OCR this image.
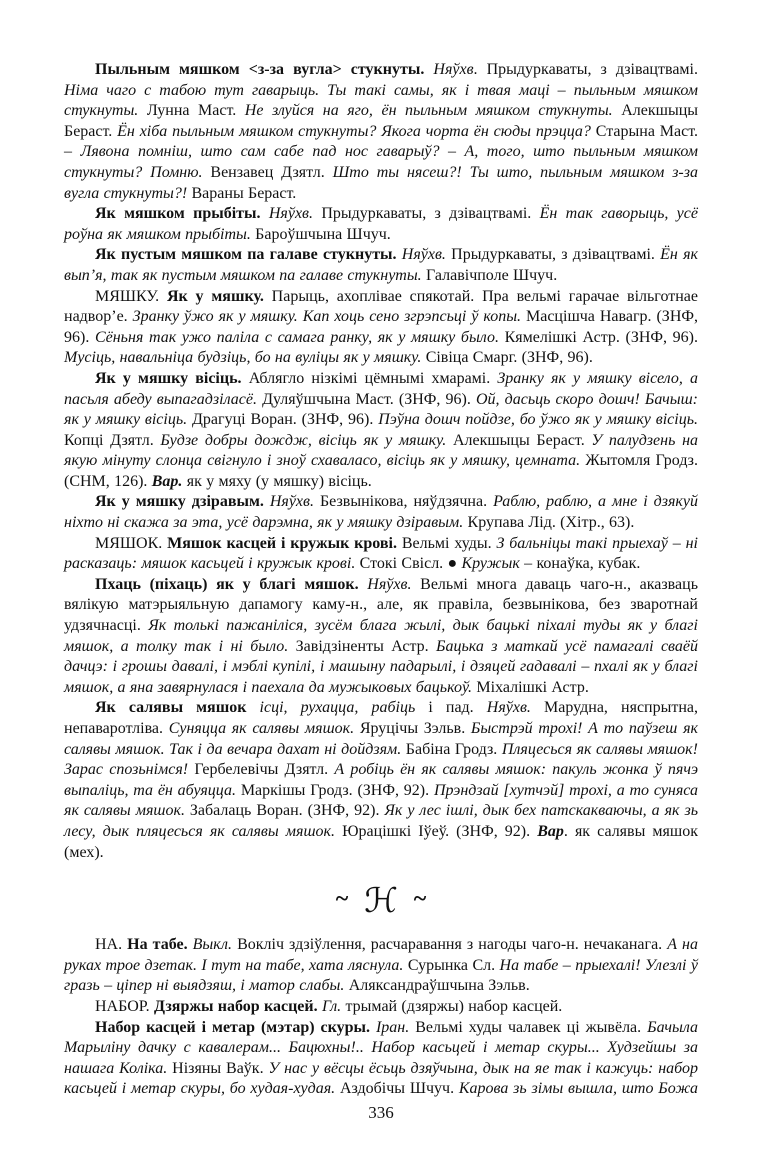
Пыльным мяшком <з-за вугла> стукнуты. Няўхв. Прыдуркаваты, з дзівацтвамі. Німа чаго с табою тут гаварыць. Ты такі самы, як і твая маці – пыльным мяшком стукнуты. Лунна Маст. Не злуйся на яго, ён пыльным мяшком стукнуты. Алекшыцы Бераст. Ён хіба пыльным мяшком стукнуты? Якога чорта ён сюды прэцца? Старына Маст. – Лявона помніш, што сам сабе пад нос гаварыў? – А, того, што пыльным мяшком стукнуты? Помню. Вензавец Дзятл. Што ты нясеш?! Ты што, пыльным мяшком з-за вугла стукнуты?! Вараны Бераст.

Як мяшком прыбіты. Няўхв. Прыдуркаваты, з дзівацтвамі. Ён так гаворыць, усё роўна як мяшком прыбіты. Бароўшчына Шчуч.

Як пустым мяшком па галаве стукнуты. Няўхв. Прыдуркаваты, з дзівацтвамі. Ён як вып’я, так як пустым мяшком па галаве стукнуты. Галавічполе Шчуч.

МЯШКУ. Як у мяшку. Парыць, ахоплівае спякотай. Пра вельмі гарачае вільготнае надвор’е. Зранку ўжо як у мяшку. Кап хоць сено згрэпсьці ў копы. Масцішча Навагр. (ЗНФ, 96). Сёньня так ужо паліла с самага ранку, як у мяшку было. Кямелішкі Астр. (ЗНФ, 96). Мусіць, навальніца будзіць, бо на вуліцы як у мяшку. Сівіца Смарг. (ЗНФ, 96).

Як у мяшку вісіць. Аблягло нізкімі цёмнымі хмарамі. Зранку як у мяшку вісело, а пасьля абеду выпагадзіласё. Дуляўшчына Маст. (ЗНФ, 96). Ой, дасьць скоро дошч! Бачыш: як у мяшку вісіць. Драгуці Воран. (ЗНФ, 96). Пэўна дошч пойдзе, бо ўжо як у мяшку вісіць. Копці Дзятл. Будзе добры дождж, вісіць як у мяшку. Алекшыцы Бераст. У палудзень на якую мінуту слонца свігнуло і зноў схаваласо, вісіць як у мяшку, цемната. Жытомля Гродз. (СНМ, 126). Вар. як у мяху (у мяшку) вісіць.

Як у мяшку дзіравым. Няўхв. Безвынікова, няўдзячна. Раблю, раблю, а мне і дзякуй ніхто ні скажа за эта, усё дарэмна, як у мяшку дзіравым. Крупава Лід. (Хітр., 63).

МЯШОК. Мяшок касцей і кружык крові. Вельмі худы. З бальніцы такі прыехаў – ні расказаць: мяшок касьцей і кружык крові. Стокі Свісл. ● Кружык – конаўка, кубак.

Пхаць (піхаць) як у благі мяшок. Няўхв. Вельмі многа даваць чаго-н., аказваць вялікую матэрыяльную дапамогу каму-н., але, як правіла, безвынікова, без зваротнай удзячнасці. Як толькі пажаніліся, зусём блага жылі, дык бацькі піхалі туды як у благі мяшок, а толку так і ні было. Завідзіненты Астр. Бацька з маткай усё памагалі сваёй дачцэ: і грошы давалі, і мэблі купілі, і машыну падарылі, і дзяцей гадавалі – пхалі як у благі мяшок, а яна завярнулася і паехала да мужыковых бацькоў. Міхалішкі Астр.

Як салявы мяшок ісці, рухацца, рабіць і пад. Няўхв. Марудна, няспрытна, непаваротліва. Суняцца як салявы мяшок. Яруцічы Зэльв. Быстрэй трохі! А то паўзеш як салявы мяшок. Так і да вечара дахат ні дойдзям. Бабіна Гродз. Пляцесься як салявы мяшок! Зарас спозьнімся! Гербелевічы Дзятл. А робіць ён як салявы мяшок: пакуль жонка ў пячэ выпаліць, та ён абуяцца. Маркішы Гродз. (ЗНФ, 92). Прэндзай [хутчэй] трохі, а то суняса як салявы мяшок. Забалаць Воран. (ЗНФ, 92). Як у лес ішлі, дык бех патскакваючы, а як зь лесу, дык пляцесься як салявы мяшок. Юрацішкі Іўеў. (ЗНФ, 92). Вар. як салявы мяшок (мех).

~ ℋ ~

НА. На табе. Выкл. Вокліч здзіўлення, расчаравання з нагоды чаго-н. нечаканага. А на руках трое дзетак. І тут на табе, хата ляснула. Сурынка Сл. На табе – прыехалі! Улезлі ў гразь – ціпер ні выядзяш, і матор слабы. Аляксандраўшчына Зэльв.

НАБОР. Дзяржы набор касцей. Гл. трымай (дзяржы) набор касцей.

Набор касцей і метар (мэтар) скуры. Іран. Вельмі худы чалавек ці жывёла. Бачыла Марыліну дачку с кавалерам... Бацюхны!.. Набор касьцей і метар скуры... Худзейшы за нашага Коліка. Нізяны Ваўк. У нас у вёсцы ёсьць дзяўчына, дык на яе так і кажуць: набор касьцей і метар скуры, бо худая-худая. Аздобічы Шчуч. Карова зь зімы вышла, што Божа

336
